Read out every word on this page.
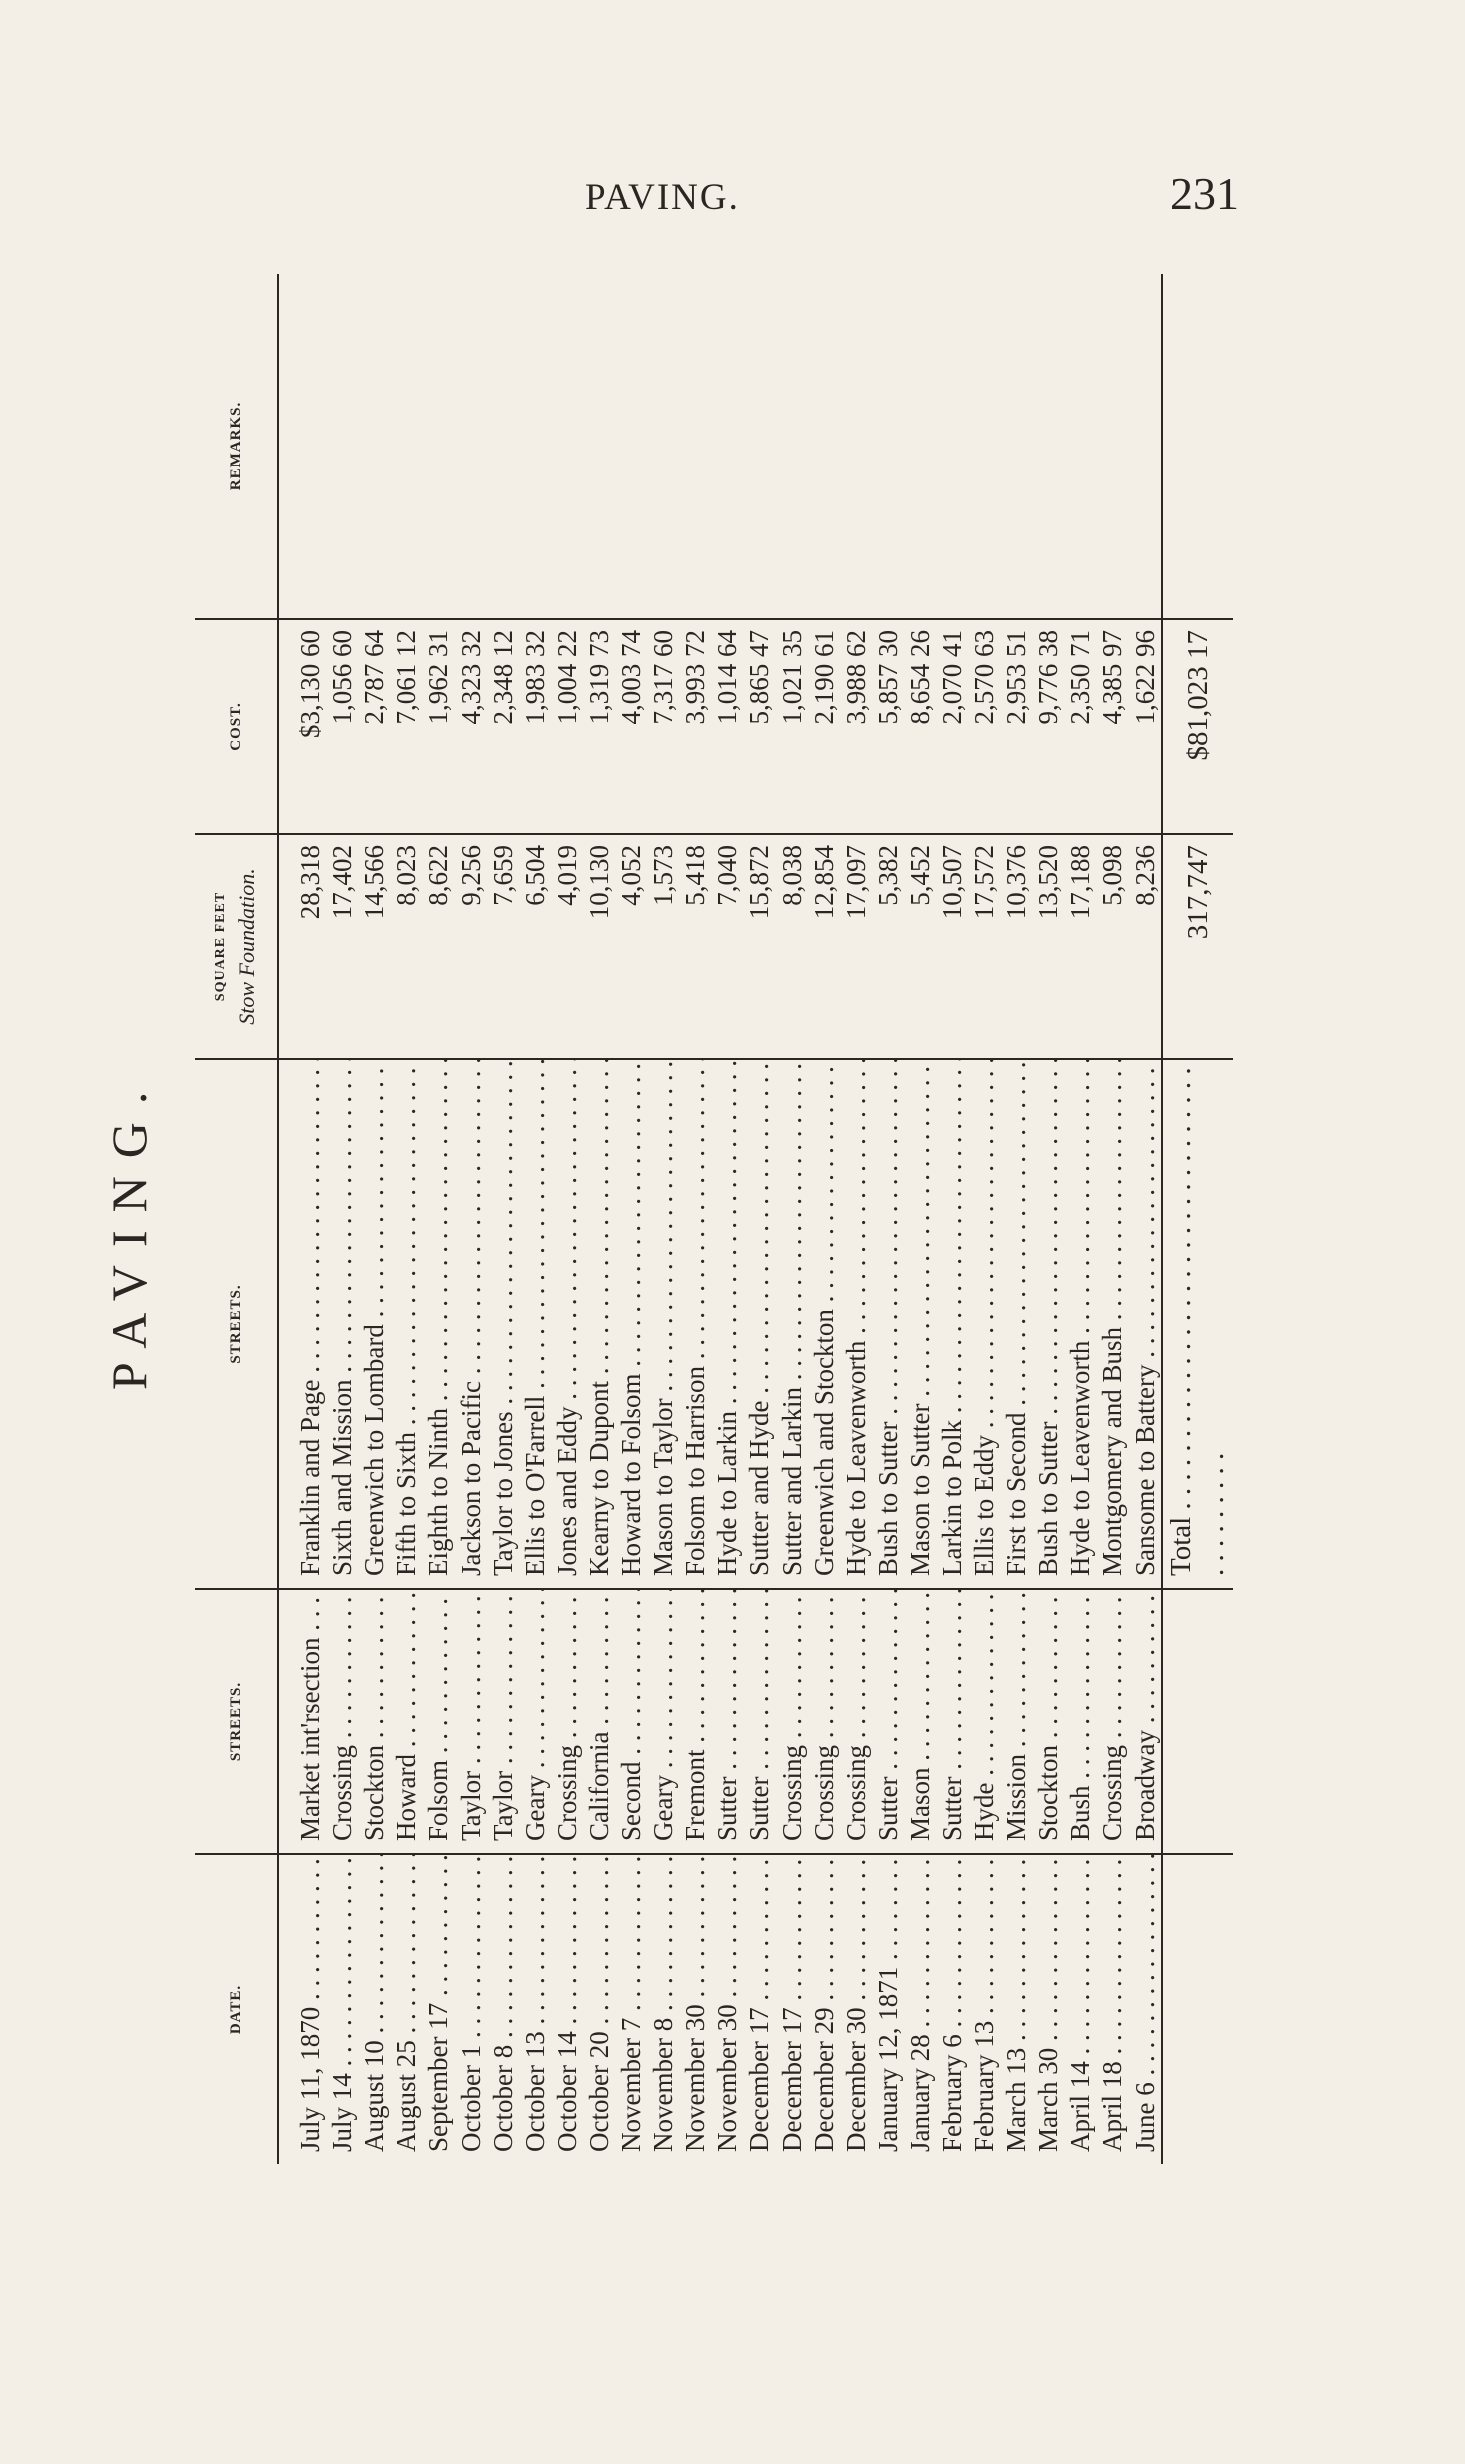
PAVING.	231
PAVING.
DATE.	STREETS.	STREETS.	SQUARE FEET Stow Foundation.	COST.	REMARKS.
July 11, 1870 . . .	Market int'rsection . . .	Franklin and Page . . .	28,318	$3,130 60	
July 14 . . .	Crossing . . .	Sixth and Mission . . .	17,402	1,056 60	
August 10 . . .	Stockton . . .	Greenwich to Lombard . . .	14,566	2,787 64	
August 25 . . .	Howard . . .	Fifth to Sixth . . .	8,023	7,061 12	
September 17 . . .	Folsom . . .	Eighth to Ninth . . .	8,622	1,962 31	
October 1 . . .	Taylor . . .	Jackson to Pacific . . .	9,256	4,323 32	
October 8 . . .	Taylor . . .	Taylor to Jones . . .	7,659	2,348 12	
October 13 . . .	Geary . . .	Ellis to O'Farrell . . .	6,504	1,983 32	
October 14 . . .	Crossing . . .	Jones and Eddy . . .	4,019	1,004 22	
October 20 . . .	California . . .	Kearny to Dupont . . .	10,130	1,319 73	
November 7 . . .	Second . . .	Howard to Folsom . . .	4,052	4,003 74	
November 8 . . .	Geary . . .	Mason to Taylor . . .	1,573	7,317 60	
November 30 . . .	Fremont . . .	Folsom to Harrison . . .	5,418	3,993 72	
November 30 . . .	Sutter . . .	Hyde to Larkin . . .	7,040	1,014 64	
December 17 . . .	Sutter . . .	Sutter and Hyde . . .	15,872	5,865 47	
December 17 . . .	Crossing . . .	Sutter and Larkin . . .	8,038	1,021 35	
December 29 . . .	Crossing . . .	Greenwich and Stockton . . .	12,854	2,190 61	
December 30 . . .	Crossing . . .	Hyde to Leavenworth . . .	17,097	3,988 62	
January 12, 1871 . . .	Sutter . . .	Bush to Sutter . . .	5,382	5,857 30	
January 28 . . .	Mason . . .	Mason to Sutter . . .	5,452	8,654 26	
February 6 . . .	Sutter . . .	Larkin to Polk . . .	10,507	2,070 41	
February 13 . . .	Hyde . . .	Ellis to Eddy . . .	17,572	2,570 63	
March 13 . . .	Mission . . .	First to Second . . .	10,376	2,953 51	
March 30 . . .	Stockton . . .	Bush to Sutter . . .	13,520	9,776 38	
April 14 . . .	Bush . . .	Hyde to Leavenworth . . .	17,188	2,350 71	
April 18 . . .	Crossing . . .	Montgomery and Bush . . .	5,098	4,385 97	
June 6 . . .	Broadway . . .	Sansome to Battery . . .	8,236	1,622 96	
		Total . . .	317,747	$81,023 17	
